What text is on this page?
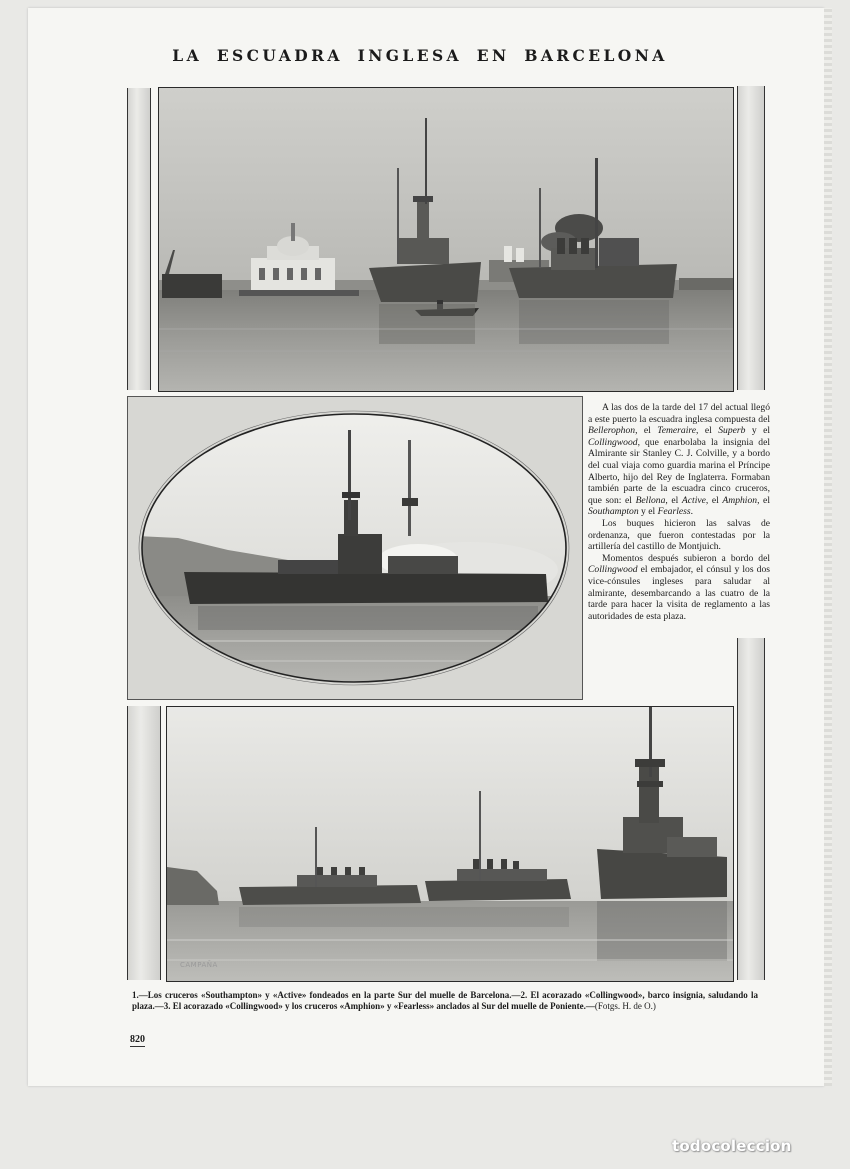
LA ESCUADRA INGLESA EN BARCELONA

A las dos de la tarde del 17 del actual llegó a este puerto la escuadra inglesa compuesta del Bellerophon, el Temeraire, el Superb y el Collingwood, que enarbolaba la insignia del Almirante sir Stanley C. J. Colville, y a bordo del cual viaja como guardia marina el Príncipe Alberto, hijo del Rey de Inglaterra. Formaban también parte de la escuadra cinco cruceros, que son: el Bellona, el Active, el Amphion, el Southampton y el Fearless.

Los buques hicieron las salvas de ordenanza, que fueron contestadas por la artillería del castillo de Montjuich.

Momentos después subieron a bordo del Collingwood el embajador, el cónsul y los dos vice-cónsules ingleses para saludar al almirante, desembarcando a las cuatro de la tarde para hacer la visita de reglamento a las autoridades de esta plaza.

CAMPAÑA
1.—Los cruceros «Southampton» y «Active» fondeados en la parte Sur del muelle de Barcelona.—2. El acorazado «Collingwood», barco insignia, saludando la plaza.—3. El acorazado «Collingwood» y los cruceros «Amphion» y «Fearless» anclados al Sur del muelle de Poniente.—(Fotgs. H. de O.)
820
todocoleccion
